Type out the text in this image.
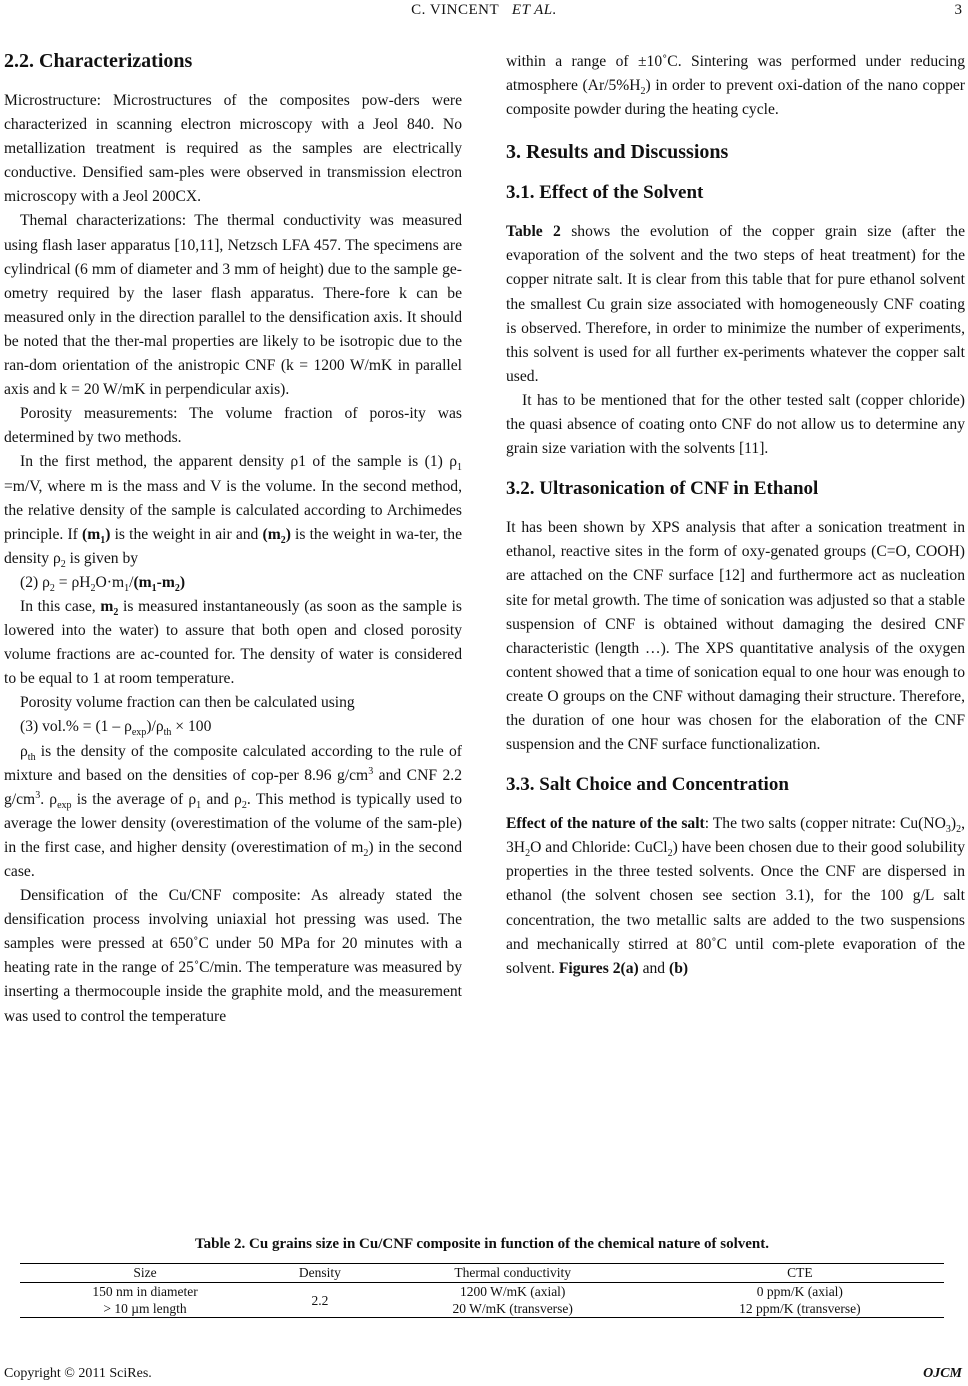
C. VINCENT ET AL.	3
2.2. Characterizations

Microstructure: Microstructures of the composites pow-ders were characterized in scanning electron microscopy with a Jeol 840. No metallization treatment is required as the samples are electrically conductive. Densified sam-ples were observed in transmission electron microscopy with a Jeol 200CX.

Themal characterizations: The thermal conductivity was measured using flash laser apparatus [10,11], Netzsch LFA 457. The specimens are cylindrical (6 mm of diameter and 3 mm of height) due to the sample ge-ometry required by the laser flash apparatus. There-fore k can be measured only in the direction parallel to the densification axis. It should be noted that the ther-mal properties are likely to be isotropic due to the ran-dom orientation of the anistropic CNF (k = 1200 W/mK in parallel axis and k = 20 W/mK in perpendicular axis).

Porosity measurements: The volume fraction of poros-ity was determined by two methods.

In the first method, the apparent density ρ1 of the sample is (1) $\rho_1 =m/V$, where m is the mass and V is the volume. In the second method, the relative density of the sample is calculated according to Archimedes principle. If $(m_1)$ is the weight in air and $(m_2)$ is the weight in wa-ter, the density $\rho_2$ is given by

(2) $\rho_2 = \rho H_2O\cdot m_1/(m_1-m_2)$

In this case, $m_2$ is measured instantaneously (as soon as the sample is lowered into the water) to assure that both open and closed porosity volume fractions are ac-counted for. The density of water is considered to be equal to 1 at room temperature.

Porosity volume fraction can then be calculated using

(3) $vol.\% = (1 - \rho_{exp})/\rho_{th} \times 100$

$\rho_{th}$ is the density of the composite calculated according to the rule of mixture and based on the densities of cop-per 8.96 $g/cm^3$ and CNF 2.2 $g/cm^3$. $\rho_{exp}$ is the average of $\rho_1$ and $\rho_2$. This method is typically used to average the lower density (overestimation of the volume of the sam-ple) in the first case, and higher density (overestimation of $m_2$) in the second case.

Densification of the Cu/CNF composite: As already stated the densification process involving uniaxial hot pressing was used. The samples were pressed at 650˚C under 50 MPa for 20 minutes with a heating rate in the range of 25˚C/min. The temperature was measured by inserting a thermocouple inside the graphite mold, and the measurement was used to control the temperature

within a range of ±10˚C. Sintering was performed under reducing atmosphere $(Ar/5\%H_2)$ in order to prevent oxi-dation of the nano copper composite powder during the heating cycle.

3. Results and Discussions
3.1. Effect of the Solvent

Table 2 shows the evolution of the copper grain size (after the evaporation of the solvent and the two steps of heat treatment) for the copper nitrate salt. It is clear from this table that for pure ethanol solvent the smallest Cu grain size associated with homogeneously CNF coating is observed. Therefore, in order to minimize the number of experiments, this solvent is used for all further ex-periments whatever the copper salt used.

It has to be mentioned that for the other tested salt (copper chloride) the quasi absence of coating onto CNF do not allow us to determine any grain size variation with the solvents [11].

3.2. Ultrasonication of CNF in Ethanol

It has been shown by XPS analysis that after a sonication treatment in ethanol, reactive sites in the form of oxy-genated groups (C=O, COOH) are attached on the CNF surface [12] and furthermore act as nucleation site for metal growth. The time of sonication was adjusted so that a stable suspension of CNF is obtained without damaging the desired CNF characteristic (length …). The XPS quantitative analysis of the oxygen content showed that a time of sonication equal to one hour was enough to create O groups on the CNF without damaging their structure. Therefore, the duration of one hour was chosen for the elaboration of the CNF suspension and the CNF surface functionalization.

3.3. Salt Choice and Concentration

Effect of the nature of the salt: The two salts (copper nitrate: $Cu(NO_3)_2$, $3H_2O$ and Chloride: CuCl$_2$) have been chosen due to their good solubility properties in the three tested solvents. Once the CNF are dispersed in ethanol (the solvent chosen see section 3.1), for the 100 g/L salt concentration, the two metallic salts are added to the two suspensions and mechanically stirred at 80˚C until com-plete evaporation of the solvent. Figures 2(a) and (b)

Table 2. Cu grains size in Cu/CNF composite in function of the chemical nature of solvent.
Size	Density	Thermal conductivity	CTE
150 nm in diameter	2.2	1200 W/mK (axial)	0 ppm/K (axial)
> 10 µm length		20 W/mK (transverse)	12 ppm/K (transverse)
Copyright © 2011 SciRes.	OJCM
